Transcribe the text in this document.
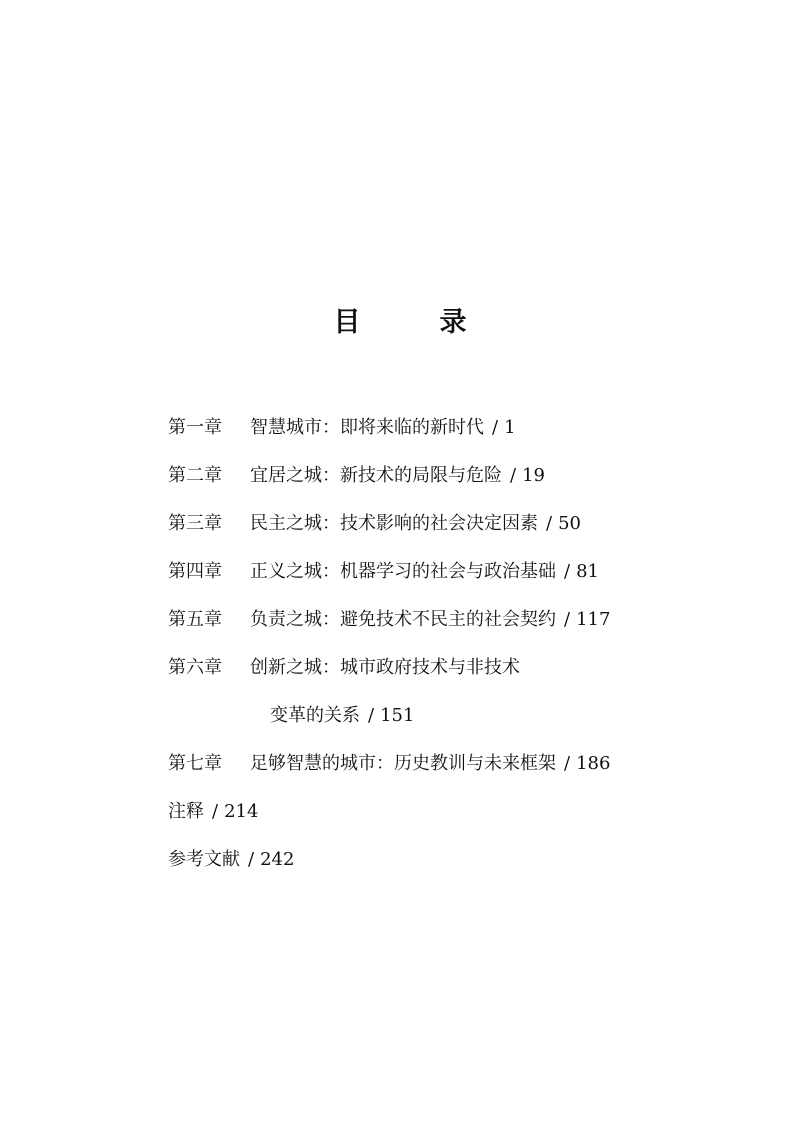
目　录
第一章 智慧城市：即将来临的新时代 / 1
第二章 宜居之城：新技术的局限与危险 / 19
第三章 民主之城：技术影响的社会决定因素 / 50
第四章 正义之城：机器学习的社会与政治基础 / 81
第五章 负责之城：避免技术不民主的社会契约 / 117
第六章 创新之城：城市政府技术与非技术
变革的关系 / 151
第七章 足够智慧的城市：历史教训与未来框架 / 186
注释 / 214
参考文献 / 242
